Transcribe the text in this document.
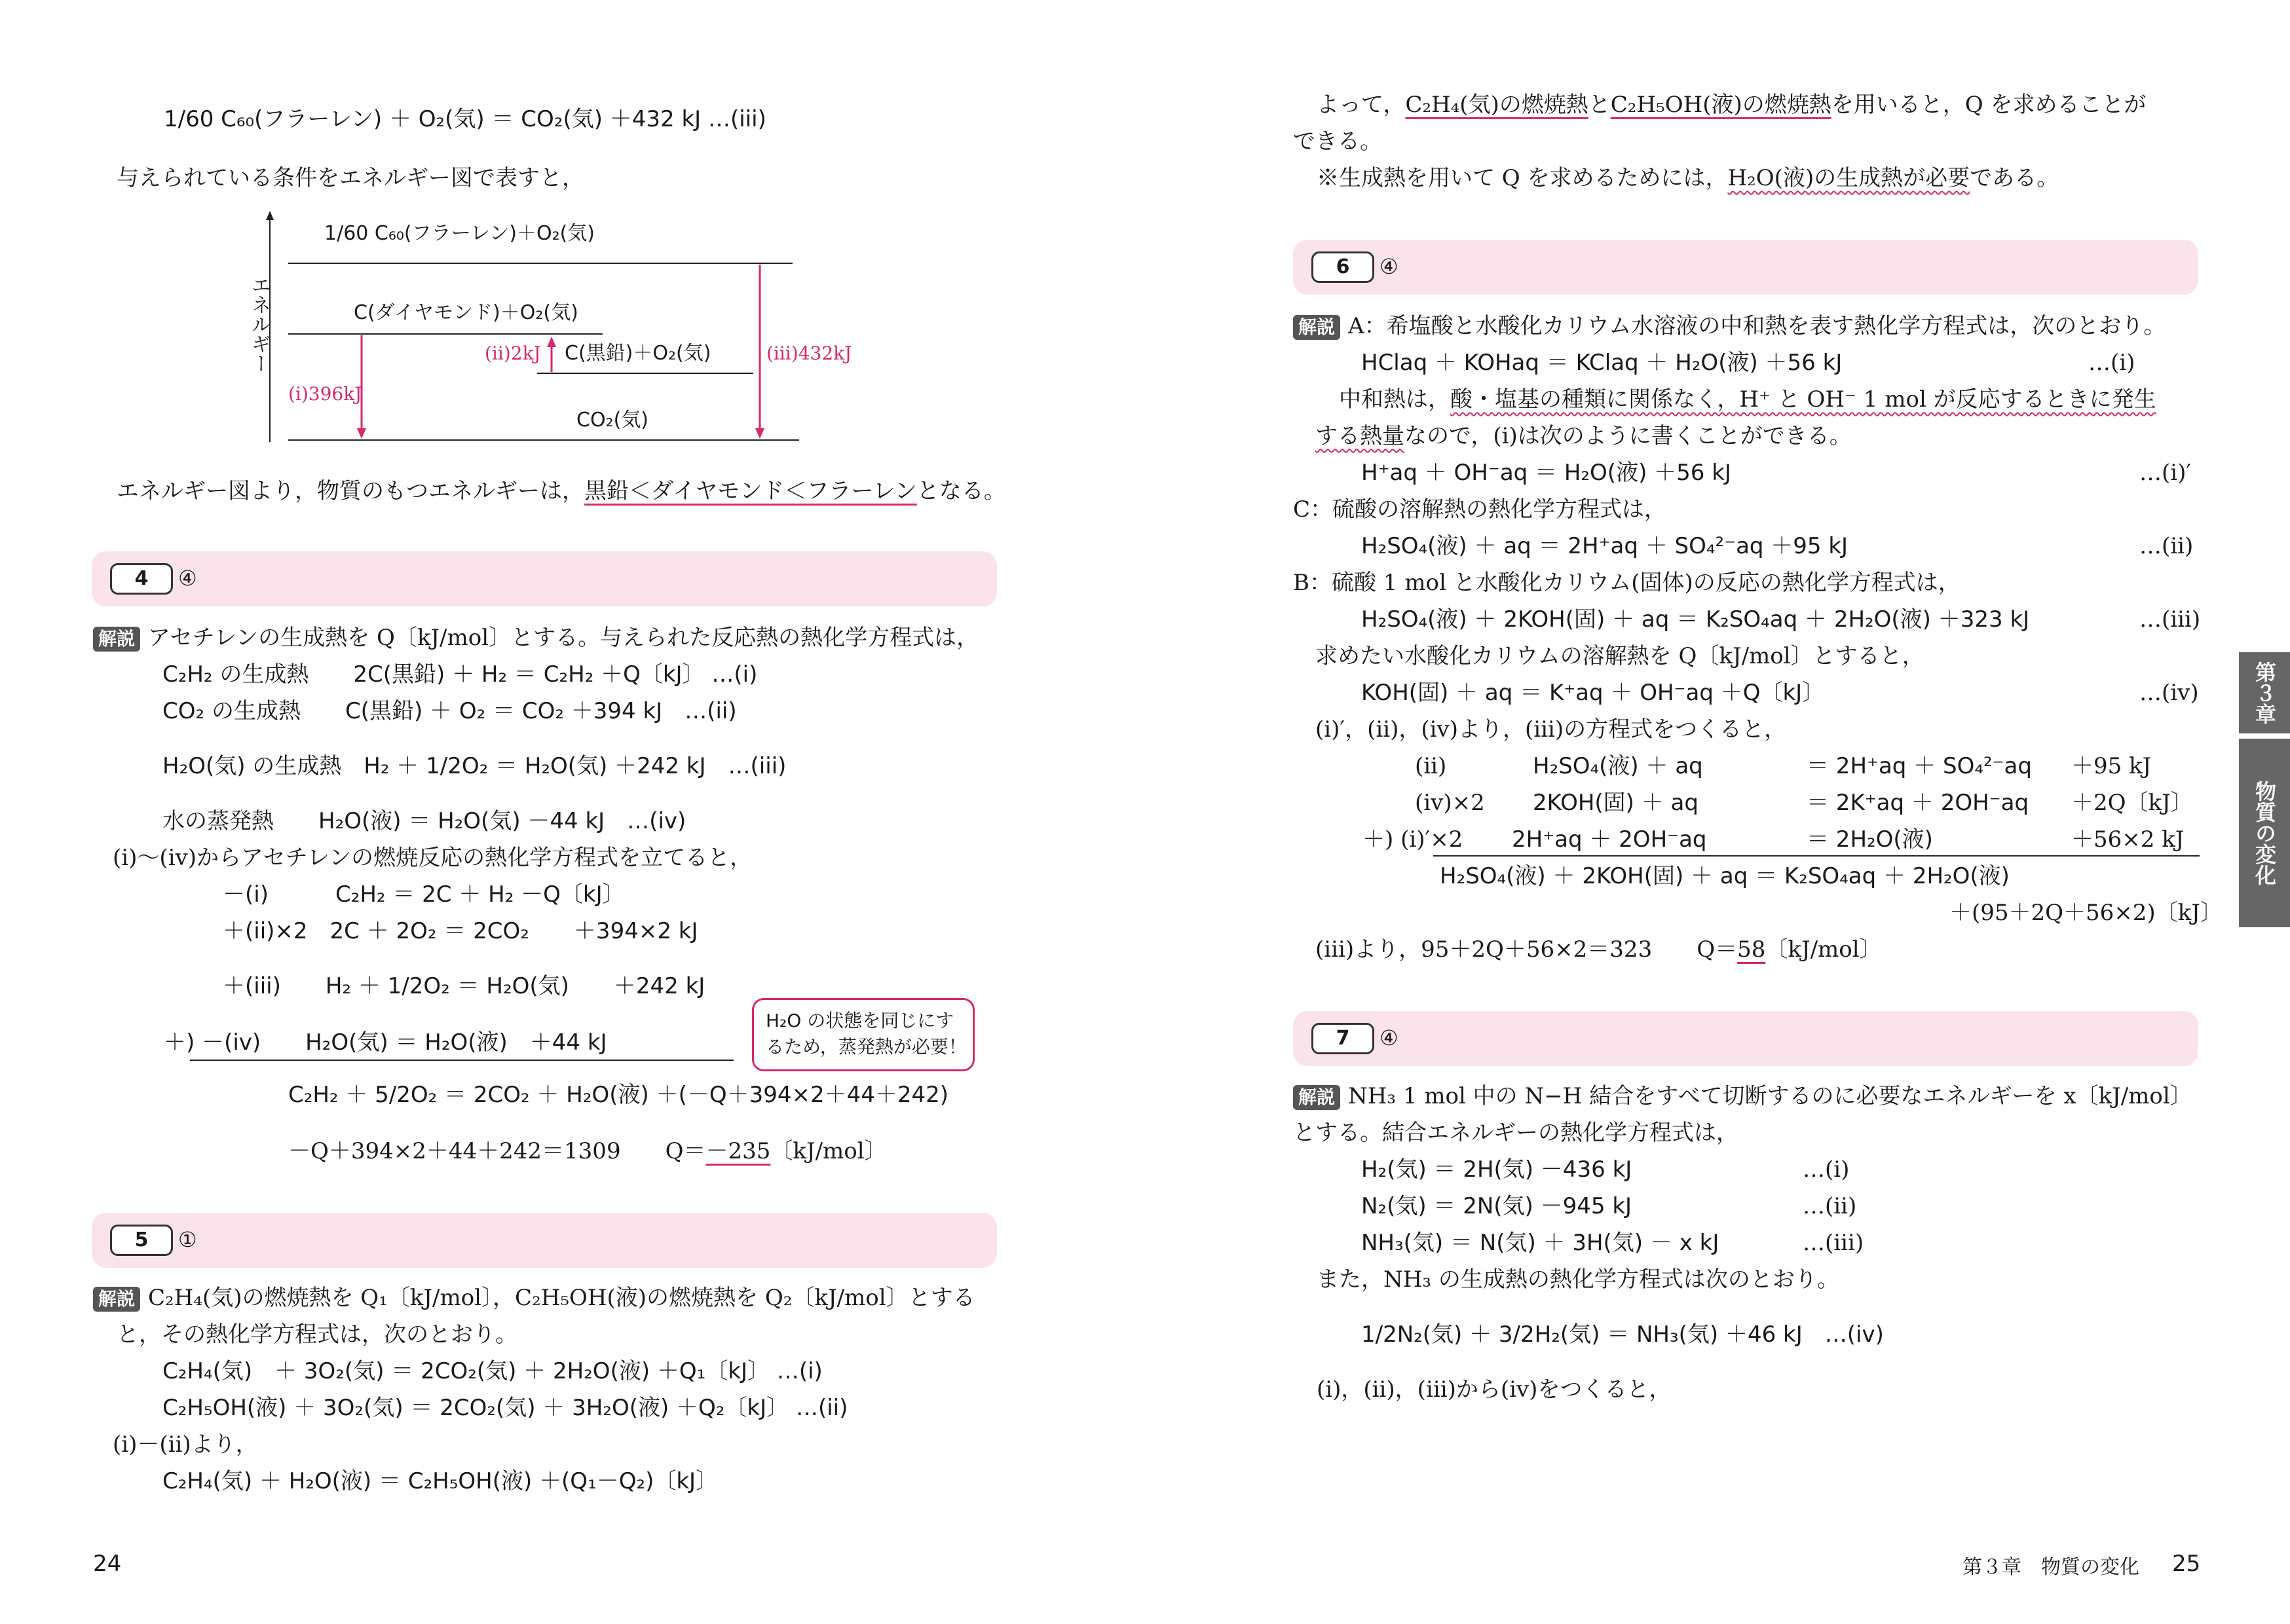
1/60 C₆₀(フラーレン) ＋ O₂(気) ＝ CO₂(気) ＋432 kJ …(iii)
与えられている条件をエネルギー図で表すと，
エネルギー
1/60 C₆₀(フラーレン)＋O₂(気)
C(ダイヤモンド)＋O₂(気)
C(黒鉛)＋O₂(気)
CO₂(気)
(ii)2kJ
(i)396kJ
(iii)432kJ
エネルギー図より，物質のもつエネルギーは，黒鉛＜ダイヤモンド＜フラーレンとなる。
4	④
解説 アセチレンの生成熱を Q〔kJ/mol〕とする。与えられた反応熱の熱化学方程式は，
C₂H₂ の生成熱　　2C(黒鉛) ＋ H₂ ＝ C₂H₂ ＋Q〔kJ〕 …(i)
CO₂ の生成熱　　C(黒鉛) ＋ O₂ ＝ CO₂ ＋394 kJ　…(ii)
H₂O(気) の生成熱　H₂ ＋ 1/2O₂ ＝ H₂O(気) ＋242 kJ　…(iii)
水の蒸発熱　　H₂O(液) ＝ H₂O(気) －44 kJ　…(iv)
(i)～(iv)からアセチレンの燃焼反応の熱化学方程式を立てると，
－(i)　　　C₂H₂ ＝ 2C ＋ H₂ －Q〔kJ〕
＋(ii)×2　2C ＋ 2O₂ ＝ 2CO₂　　＋394×2 kJ
＋(iii)　　H₂ ＋ 1/2O₂ ＝ H₂O(気)　　＋242 kJ
＋) －(iv)　　H₂O(気) ＝ H₂O(液)　＋44 kJ
H₂O の状態を同じにす
るため，蒸発熱が必要！
C₂H₂ ＋ 5/2O₂ ＝ 2CO₂ ＋ H₂O(液) ＋(－Q＋394×2＋44＋242)
－Q＋394×2＋44＋242＝1309　　Q＝－235〔kJ/mol〕
5	①
解説 C₂H₄(気)の燃焼熱を Q₁〔kJ/mol〕，C₂H₅OH(液)の燃焼熱を Q₂〔kJ/mol〕とする
と，その熱化学方程式は，次のとおり。
C₂H₄(気)　＋ 3O₂(気) ＝ 2CO₂(気) ＋ 2H₂O(液) ＋Q₁〔kJ〕 …(i)
C₂H₅OH(液) ＋ 3O₂(気) ＝ 2CO₂(気) ＋ 3H₂O(液) ＋Q₂〔kJ〕 …(ii)
(i)－(ii)より，
C₂H₄(気) ＋ H₂O(液) ＝ C₂H₅OH(液) ＋(Q₁－Q₂)〔kJ〕
24
よって，C₂H₄(気)の燃焼熱とC₂H₅OH(液)の燃焼熱を用いると，Q を求めることが
できる。
※生成熱を用いて Q を求めるためには，H₂O(液)の生成熱が必要である。
6	④
解説 A：希塩酸と水酸化カリウム水溶液の中和熱を表す熱化学方程式は，次のとおり。
HClaq ＋ KOHaq ＝ KClaq ＋ H₂O(液) ＋56 kJ	…(i)
中和熱は，酸・塩基の種類に関係なく，H⁺ と OH⁻ 1 mol が反応するときに発生
する熱量なので，(i)は次のように書くことができる。
H⁺aq ＋ OH⁻aq ＝ H₂O(液) ＋56 kJ	…(i)′
C：硫酸の溶解熱の熱化学方程式は，
H₂SO₄(液) ＋ aq ＝ 2H⁺aq ＋ SO₄²⁻aq ＋95 kJ	…(ii)
B：硫酸 1 mol と水酸化カリウム(固体)の反応の熱化学方程式は，
H₂SO₄(液) ＋ 2KOH(固) ＋ aq ＝ K₂SO₄aq ＋ 2H₂O(液) ＋323 kJ	…(iii)
求めたい水酸化カリウムの溶解熱を Q〔kJ/mol〕とすると，
KOH(固) ＋ aq ＝ K⁺aq ＋ OH⁻aq ＋Q〔kJ〕	…(iv)
(i)′，(ii)，(iv)より，(iii)の方程式をつくると，
(ii)	H₂SO₄(液) ＋ aq	＝ 2H⁺aq ＋ SO₄²⁻aq ＋95 kJ
(iv)×2 2KOH(固) ＋ aq	＝ 2K⁺aq ＋ 2OH⁻aq ＋2Q〔kJ〕
＋) (i)′×2 2H⁺aq ＋ 2OH⁻aq	＝ 2H₂O(液)	＋56×2 kJ
H₂SO₄(液) ＋ 2KOH(固) ＋ aq ＝ K₂SO₄aq ＋ 2H₂O(液)
＋(95＋2Q＋56×2)〔kJ〕
(iii)より，95＋2Q＋56×2＝323　　Q＝58〔kJ/mol〕
7	④
解説 NH₃ 1 mol 中の N−H 結合をすべて切断するのに必要なエネルギーを x〔kJ/mol〕
とする。結合エネルギーの熱化学方程式は，
H₂(気) ＝ 2H(気) －436 kJ	…(i)
N₂(気) ＝ 2N(気) －945 kJ	…(ii)
NH₃(気) ＝ N(気) ＋ 3H(気) － x kJ	…(iii)
また，NH₃ の生成熱の熱化学方程式は次のとおり。
1/2N₂(気) ＋ 3/2H₂(気) ＝ NH₃(気) ＋46 kJ　…(iv)
(i)，(ii)，(iii)から(iv)をつくると，
第３章　物質の変化 25
第３章
物質の変化
